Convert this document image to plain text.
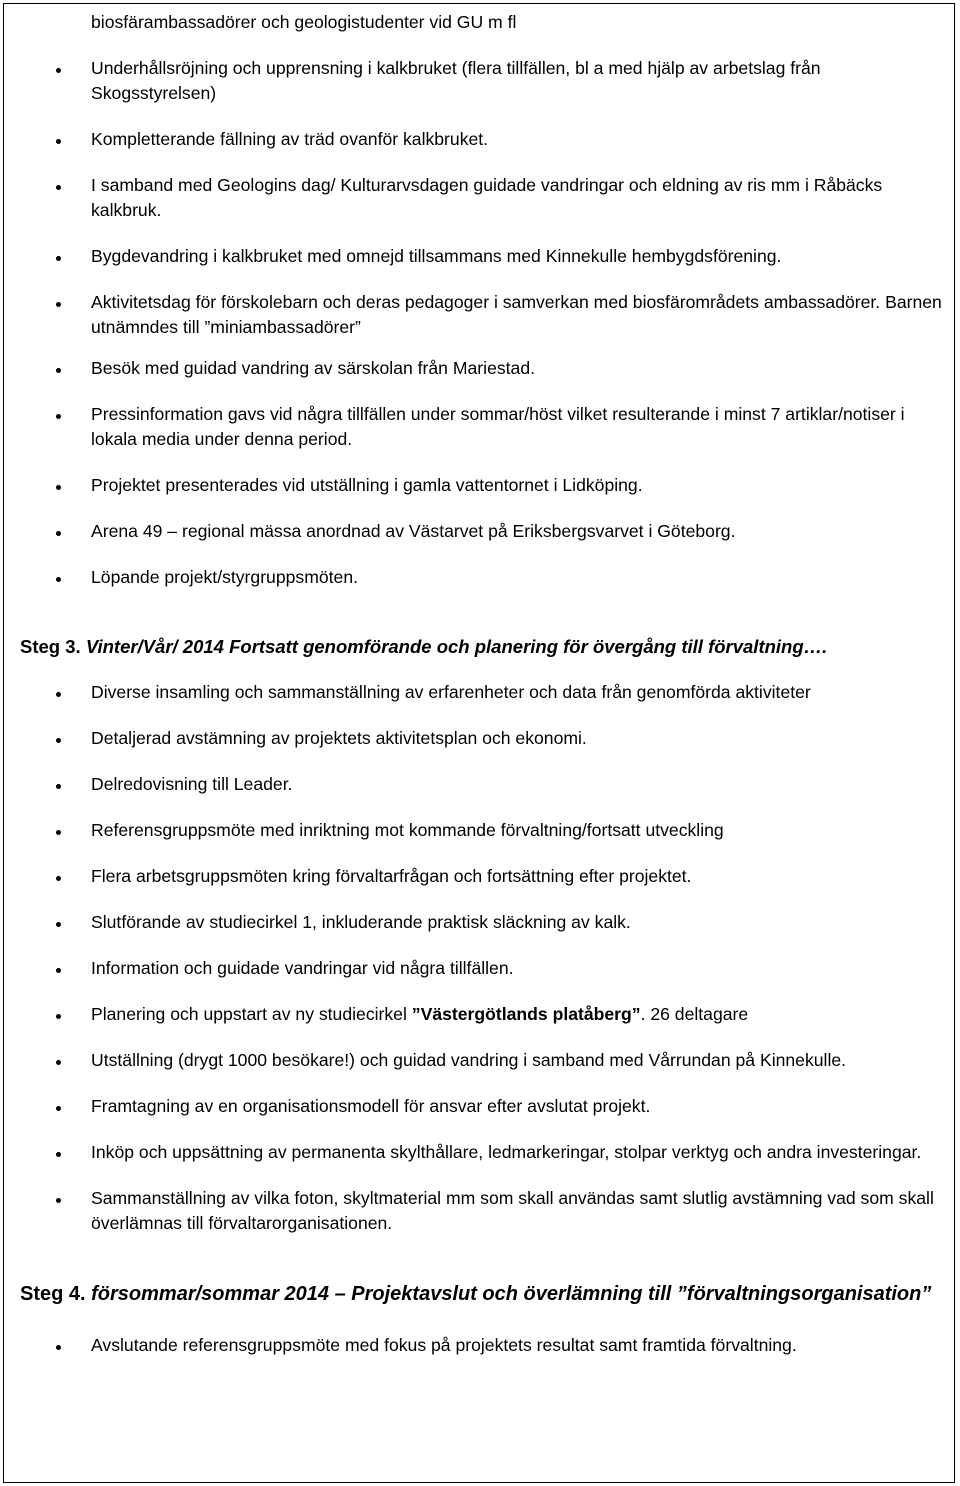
biosfärambassadörer och geologistudenter vid GU m fl
Underhållsröjning och upprensning i kalkbruket (flera tillfällen, bl a med hjälp av arbetslag från Skogsstyrelsen)
Kompletterande fällning av träd ovanför kalkbruket.
I samband med Geologins dag/ Kulturarvsdagen guidade vandringar och eldning av ris mm i Råbäcks kalkbruk.
Bygdevandring i kalkbruket med omnejd tillsammans med Kinnekulle hembygdsförening.
Aktivitetsdag för förskolebarn och deras pedagoger i samverkan med biosfärområdets ambassadörer. Barnen utnämndes till ”miniambassadörer”
Besök med guidad vandring av särskolan från Mariestad.
Pressinformation gavs vid några tillfällen under sommar/höst vilket resulterande i minst 7 artiklar/notiser i lokala media under denna period.
Projektet presenterades vid utställning i gamla vattentornet i Lidköping.
Arena 49 – regional mässa anordnad av Västarvet på Eriksbergsvarvet i Göteborg.
Löpande projekt/styrgruppsmöten.

Steg 3. Vinter/Vår/ 2014 Fortsatt genomförande och planering för övergång till förvaltning….

Diverse insamling och sammanställning av erfarenheter och data från genomförda aktiviteter
Detaljerad avstämning av projektets aktivitetsplan och ekonomi.
Delredovisning till Leader.
Referensgruppsmöte med inriktning mot kommande förvaltning/fortsatt utveckling
Flera arbetsgruppsmöten kring förvaltarfrågan och fortsättning efter projektet.
Slutförande av studiecirkel 1, inkluderande praktisk släckning av kalk.
Information och guidade vandringar vid några tillfällen.
Planering och uppstart av ny studiecirkel ”Västergötlands platåberg”. 26 deltagare
Utställning (drygt 1000 besökare!) och guidad vandring i samband med Vårrundan på Kinnekulle.
Framtagning av en organisationsmodell för ansvar efter avslutat projekt.
Inköp och uppsättning av permanenta skylthållare, ledmarkeringar, stolpar verktyg och andra investeringar.
Sammanställning av vilka foton, skyltmaterial mm som skall användas samt slutlig avstämning vad som skall överlämnas till förvaltarorganisationen.

Steg 4. försommar/sommar 2014 – Projektavslut och överlämning till ”förvaltningsorganisation”

Avslutande referensgruppsmöte med fokus på projektets resultat samt framtida förvaltning.
